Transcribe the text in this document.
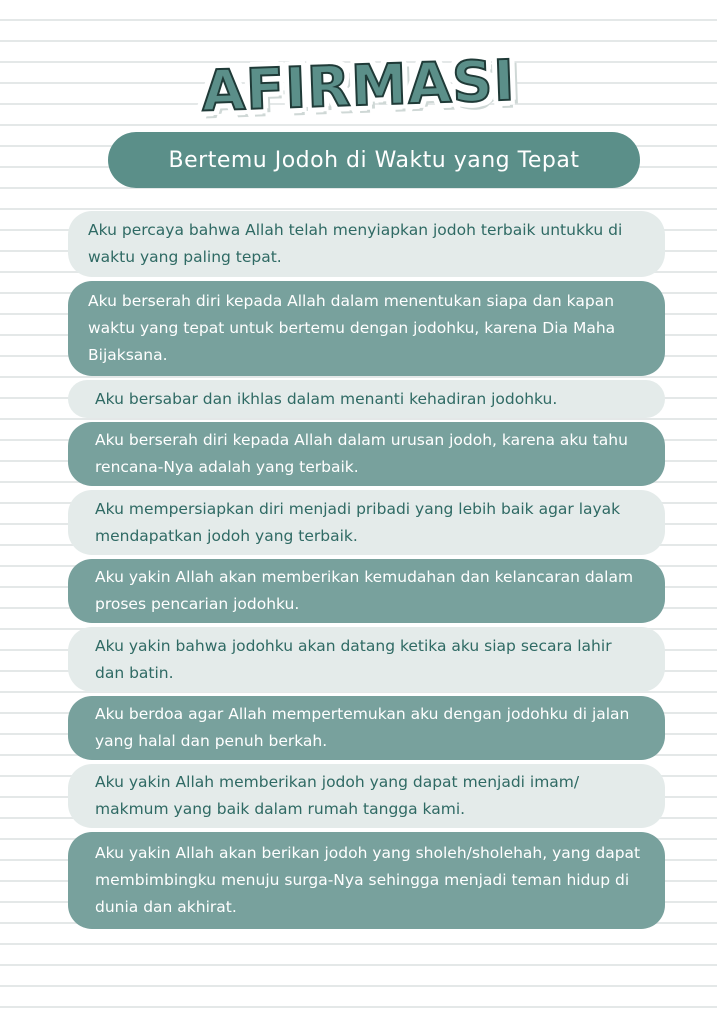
AFIRMASI
Bertemu Jodoh di Waktu yang Tepat
Aku percaya bahwa Allah telah menyiapkan jodoh terbaik untukku di waktu yang paling tepat.
Aku berserah diri kepada Allah dalam menentukan siapa dan kapan waktu yang tepat untuk bertemu dengan jodohku, karena Dia Maha Bijaksana.
Aku bersabar dan ikhlas dalam menanti kehadiran jodohku.
Aku berserah diri kepada Allah dalam urusan jodoh, karena aku tahu rencana-Nya adalah yang terbaik.
Aku mempersiapkan diri menjadi pribadi yang lebih baik agar layak mendapatkan jodoh yang terbaik.
Aku yakin Allah akan memberikan kemudahan dan kelancaran dalam proses pencarian jodohku.
Aku yakin bahwa jodohku akan datang ketika aku siap secara lahir dan batin.
Aku berdoa agar Allah mempertemukan aku dengan jodohku di jalan yang halal dan penuh berkah.
Aku yakin Allah memberikan jodoh yang dapat menjadi imam/ makmum yang baik dalam rumah tangga kami.
Aku yakin Allah akan berikan jodoh yang sholeh/sholehah, yang dapat membimbingku menuju surga-Nya sehingga menjadi teman hidup di dunia dan akhirat.
